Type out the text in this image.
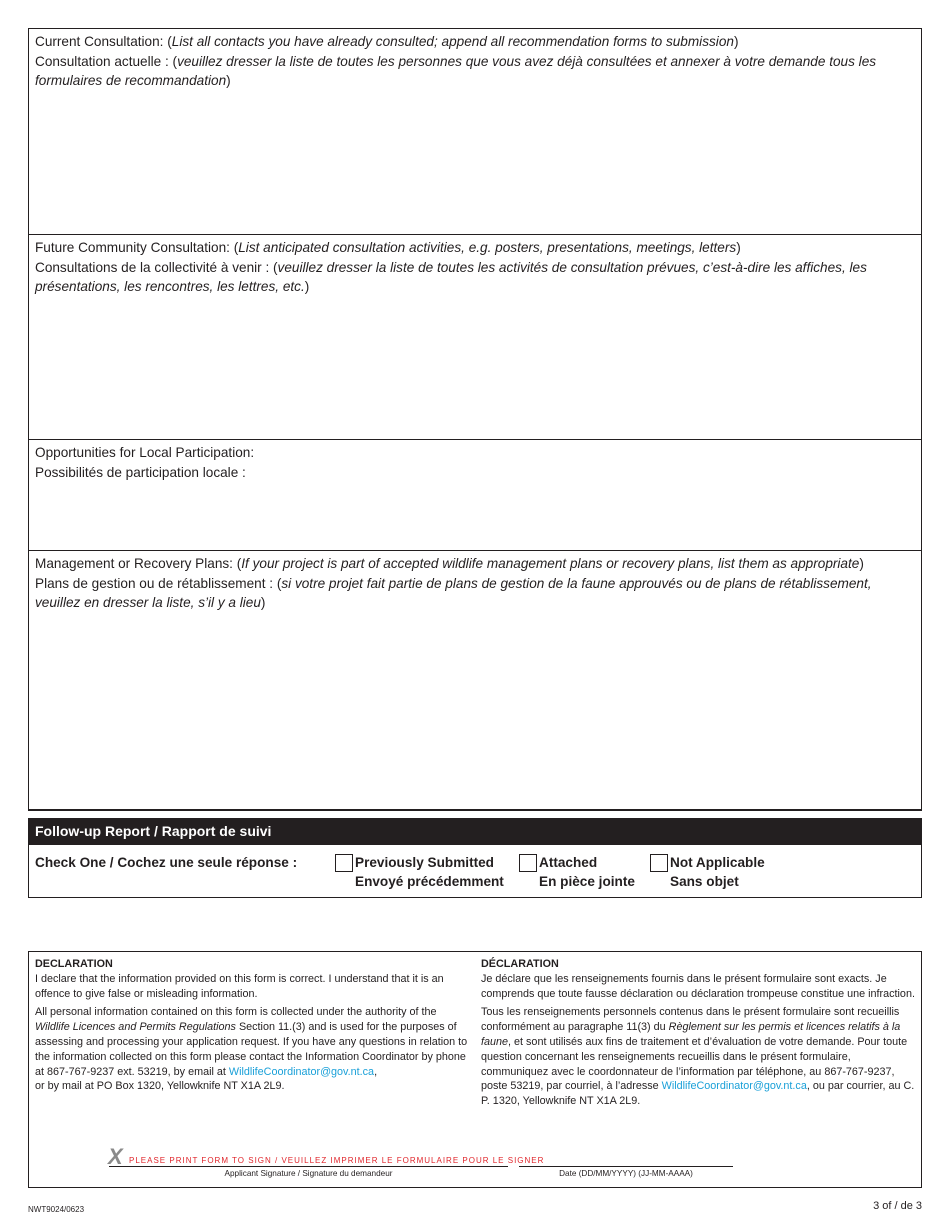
Current Consultation: (List all contacts you have already consulted; append all recommendation forms to submission)
Consultation actuelle : (veuillez dresser la liste de toutes les personnes que vous avez déjà consultées et annexer à votre demande tous les formulaires de recommandation)
Future Community Consultation: (List anticipated consultation activities, e.g. posters, presentations, meetings, letters)
Consultations de la collectivité à venir : (veuillez dresser la liste de toutes les activités de consultation prévues, c’est-à-dire les affiches, les présentations, les rencontres, les lettres, etc.)
Opportunities for Local Participation:
Possibilités de participation locale :
Management or Recovery Plans: (If your project is part of accepted wildlife management plans or recovery plans, list them as appropriate)
Plans de gestion ou de rétablissement : (si votre projet fait partie de plans de gestion de la faune approuvés ou de plans de rétablissement, veuillez en dresser la liste, s’il y a lieu)
Follow-up Report / Rapport de suivi
Check One / Cochez une seule réponse :	Previously Submitted
Envoyé précédemment
Attached
En pièce jointe
Not Applicable
Sans objet
DECLARATION

I declare that the information provided on this form is correct. I understand that it is an offence to give false or misleading information.

All personal information contained on this form is collected under the authority of the Wildlife Licences and Permits Regulations Section 11.(3) and is used for the purposes of assessing and processing your application request. If you have any questions in relation to the information collected on this form please contact the Information Coordinator by phone at 867-767-9237 ext. 53219, by email at WildlifeCoordinator@gov.nt.ca,
or by mail at PO Box 1320, Yellowknife NT X1A 2L9.

DÉCLARATION

Je déclare que les renseignements fournis dans le présent formulaire sont exacts. Je comprends que toute fausse déclaration ou déclaration trompeuse constitue une infraction.

Tous les renseignements personnels contenus dans le présent formulaire sont recueillis conformément au paragraphe 11(3) du Règlement sur les permis et licences relatifs à la faune, et sont utilisés aux fins de traitement et d’évaluation de votre demande. Pour toute question concernant les renseignements recueillis dans le présent formulaire, communiquez avec le coordonnateur de l’information par téléphone, au 867-767-9237, poste 53219, par courriel, à l’adresse WildlifeCoordinator@gov.nt.ca, ou par courrier, au C. P. 1320, Yellowknife NT X1A 2L9.

X PLEASE PRINT FORM TO SIGN / VEUILLEZ IMPRIMER LE FORMULAIRE POUR LE SIGNER
Applicant Signature / Signature du demandeur	Date (DD/MM/YYYY) (JJ-MM-AAAA)
NWT9024/0623	3 of / de 3
